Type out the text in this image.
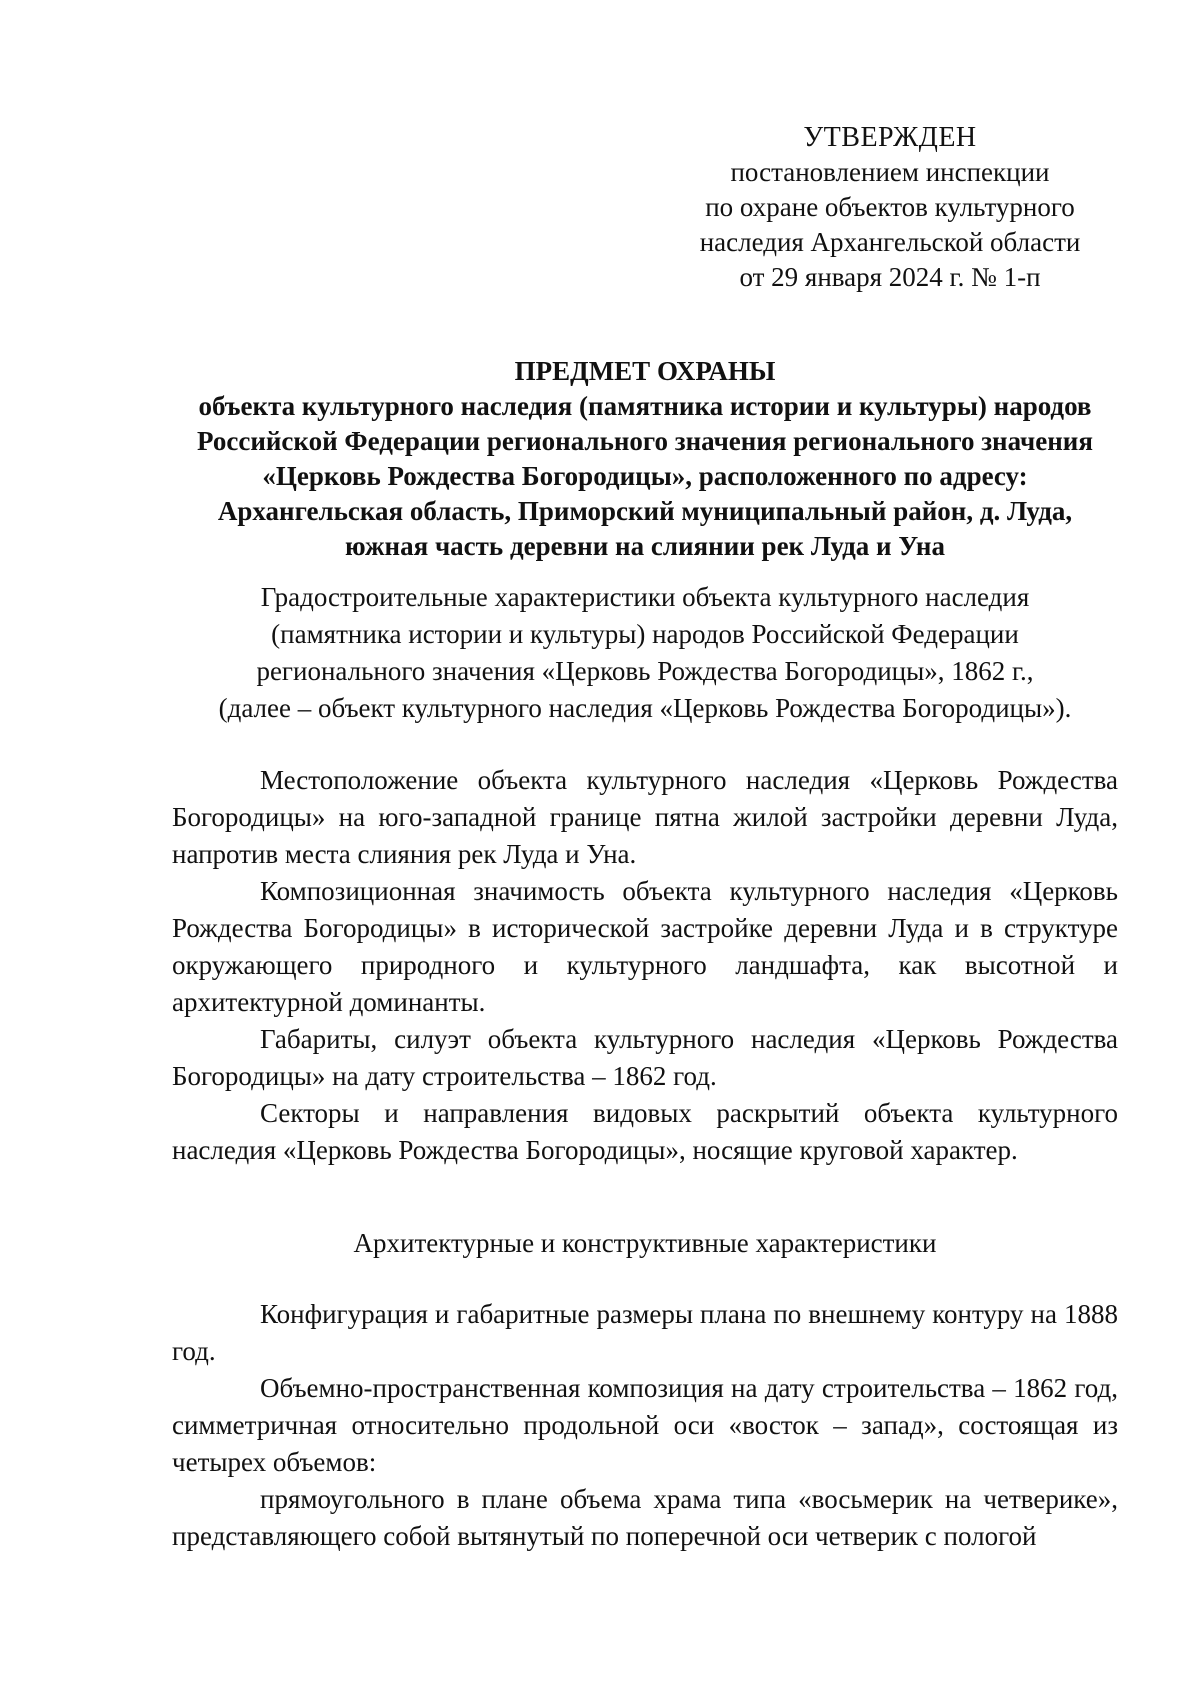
УТВЕРЖДЕН
постановлением инспекции
по охране объектов культурного
наследия Архангельской области
от 29 января 2024 г. № 1-п
ПРЕДМЕТ ОХРАНЫ
объекта культурного наследия (памятника истории и культуры) народов
Российской Федерации регионального значения регионального значения
«Церковь Рождества Богородицы», расположенного по адресу:
Архангельская область, Приморский муниципальный район, д. Луда,
южная часть деревни на слиянии рек Луда и Уна
Градостроительные характеристики объекта культурного наследия
(памятника истории и культуры) народов Российской Федерации
регионального значения «Церковь Рождества Богородицы», 1862 г.,
(далее – объект культурного наследия «Церковь Рождества Богородицы»).

Местоположение объекта культурного наследия «Церковь Рождества Богородицы» на юго-западной границе пятна жилой застройки деревни Луда, напротив места слияния рек Луда и Уна.

Композиционная значимость объекта культурного наследия «Церковь Рождества Богородицы» в исторической застройке деревни Луда и в структуре окружающего природного и культурного ландшафта, как высотной и архитектурной доминанты.

Габариты, силуэт объекта культурного наследия «Церковь Рождества Богородицы» на дату строительства – 1862 год.

Секторы и направления видовых раскрытий объекта культурного наследия «Церковь Рождества Богородицы», носящие круговой характер.

Архитектурные и конструктивные характеристики

Конфигурация и габаритные размеры плана по внешнему контуру на 1888 год.

Объемно-пространственная композиция на дату строительства – 1862 год, симметричная относительно продольной оси «восток – запад», состоящая из четырех объемов:

прямоугольного в плане объема храма типа «восьмерик на четверике», представляющего собой вытянутый по поперечной оси четверик с пологой
